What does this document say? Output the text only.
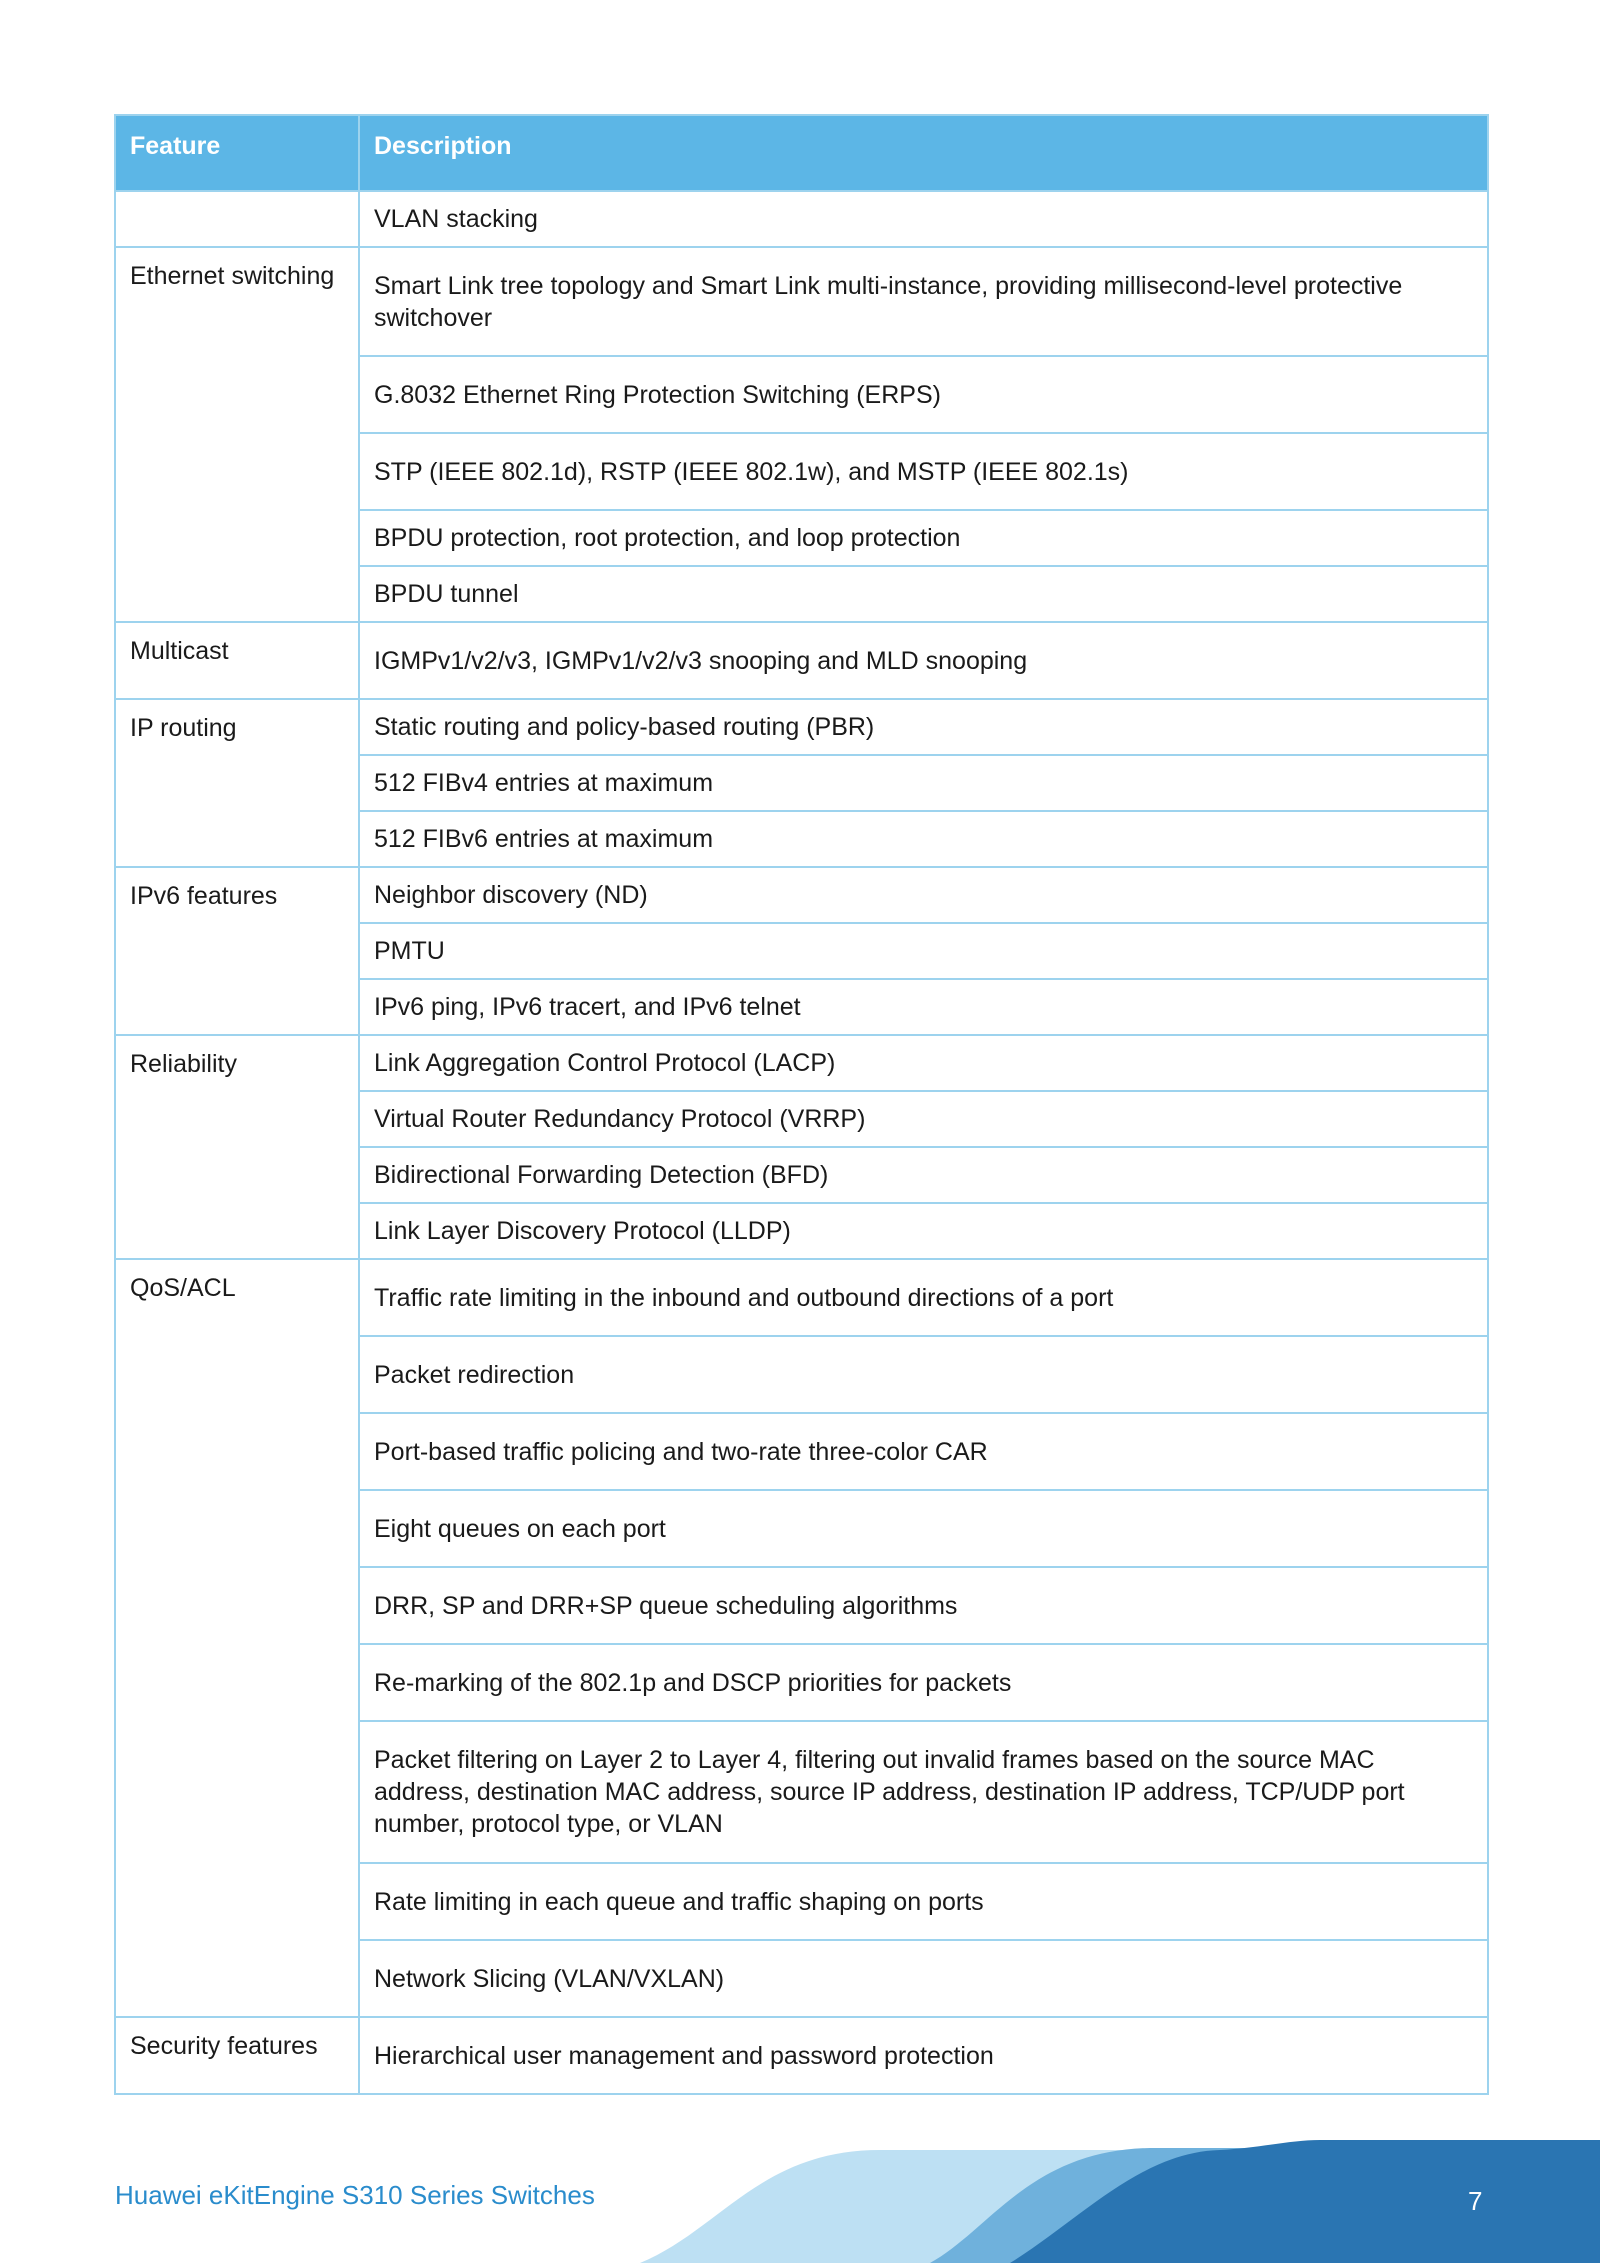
Feature	Description
	VLAN stacking
Ethernet switching	Smart Link tree topology and Smart Link multi-instance, providing millisecond-level protective switchover
	G.8032 Ethernet Ring Protection Switching (ERPS)
	STP (IEEE 802.1d), RSTP (IEEE 802.1w), and MSTP (IEEE 802.1s)
	BPDU protection, root protection, and loop protection
	BPDU tunnel
Multicast	IGMPv1/v2/v3, IGMPv1/v2/v3 snooping and MLD snooping
IP routing	Static routing and policy-based routing (PBR)
	512 FIBv4 entries at maximum
	512 FIBv6 entries at maximum
IPv6 features	Neighbor discovery (ND)
	PMTU
	IPv6 ping, IPv6 tracert, and IPv6 telnet
Reliability	Link Aggregation Control Protocol (LACP)
	Virtual Router Redundancy Protocol (VRRP)
	Bidirectional Forwarding Detection (BFD)
	Link Layer Discovery Protocol (LLDP)
QoS/ACL	Traffic rate limiting in the inbound and outbound directions of a port
	Packet redirection
	Port-based traffic policing and two-rate three-color CAR
	Eight queues on each port
	DRR, SP and DRR+SP queue scheduling algorithms
	Re-marking of the 802.1p and DSCP priorities for packets
	Packet filtering on Layer 2 to Layer 4, filtering out invalid frames based on the source MAC address, destination MAC address, source IP address, destination IP address, TCP/UDP port number, protocol type, or VLAN
	Rate limiting in each queue and traffic shaping on ports
	Network Slicing (VLAN/VXLAN)
Security features	Hierarchical user management and password protection
Huawei eKitEngine S310 Series Switches	7
